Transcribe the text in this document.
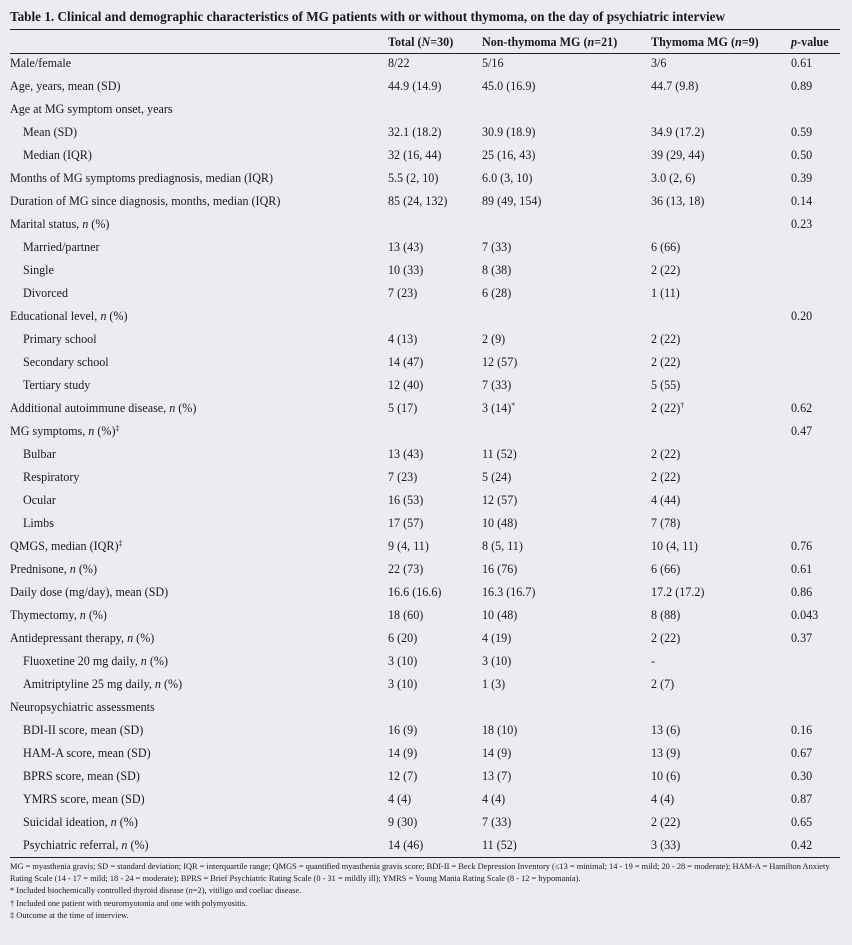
Table 1. Clinical and demographic characteristics of MG patients with or without thymoma, on the day of psychiatric interview
	Total (N=30)	Non-thymoma MG (n=21)	Thymoma MG (n=9)	p-value
Male/female	8/22	5/16	3/6	0.61
Age, years, mean (SD)	44.9 (14.9)	45.0 (16.9)	44.7 (9.8)	0.89
Age at MG symptom onset, years				
Mean (SD)	32.1 (18.2)	30.9 (18.9)	34.9 (17.2)	0.59
Median (IQR)	32 (16, 44)	25 (16, 43)	39 (29, 44)	0.50
Months of MG symptoms prediagnosis, median (IQR)	5.5 (2, 10)	6.0 (3, 10)	3.0 (2, 6)	0.39
Duration of MG since diagnosis, months, median (IQR)	85 (24, 132)	89 (49, 154)	36 (13, 18)	0.14
Marital status, n (%)				0.23
Married/partner	13 (43)	7 (33)	6 (66)	
Single	10 (33)	8 (38)	2 (22)	
Divorced	7 (23)	6 (28)	1 (11)	
Educational level, n (%)				0.20
Primary school	4 (13)	2 (9)	2 (22)	
Secondary school	14 (47)	12 (57)	2 (22)	
Tertiary study	12 (40)	7 (33)	5 (55)	
Additional autoimmune disease, n (%)	5 (17)	3 (14)*	2 (22)†	0.62
MG symptoms, n (%)‡				0.47
Bulbar	13 (43)	11 (52)	2 (22)	
Respiratory	7 (23)	5 (24)	2 (22)	
Ocular	16 (53)	12 (57)	4 (44)	
Limbs	17 (57)	10 (48)	7 (78)	
QMGS, median (IQR)‡	9 (4, 11)	8 (5, 11)	10 (4, 11)	0.76
Prednisone, n (%)	22 (73)	16 (76)	6 (66)	0.61
Daily dose (mg/day), mean (SD)	16.6 (16.6)	16.3 (16.7)	17.2 (17.2)	0.86
Thymectomy, n (%)	18 (60)	10 (48)	8 (88)	0.043
Antidepressant therapy, n (%)	6 (20)	4 (19)	2 (22)	0.37
Fluoxetine 20 mg daily, n (%)	3 (10)	3 (10)	-	
Amitriptyline 25 mg daily, n (%)	3 (10)	1 (3)	2 (7)	
Neuropsychiatric assessments				
BDI-II score, mean (SD)	16 (9)	18 (10)	13 (6)	0.16
HAM-A score, mean (SD)	14 (9)	14 (9)	13 (9)	0.67
BPRS score, mean (SD)	12 (7)	13 (7)	10 (6)	0.30
YMRS score, mean (SD)	4 (4)	4 (4)	4 (4)	0.87
Suicidal ideation, n (%)	9 (30)	7 (33)	2 (22)	0.65
Psychiatric referral, n (%)	14 (46)	11 (52)	3 (33)	0.42
MG = myasthenia gravis; SD = standard deviation; IQR = interquartile range; QMGS = quantified myasthenia gravis score; BDI-II = Beck Depression Inventory (≤13 = minimal; 14 - 19 = mild; 20 - 28 = moderate); HAM-A = Hamilton Anxiety Rating Scale (14 - 17 = mild; 18 - 24 = moderate); BPRS = Brief Psychiatric Rating Scale (0 - 31 = mildly ill); YMRS = Young Mania Rating Scale (8 - 12 = hypomania).
* Included biochemically controlled thyroid disease (n=2), vitiligo and coeliac disease.
† Included one patient with neuromyotonia and one with polymyositis.
‡ Outcome at the time of interview.
